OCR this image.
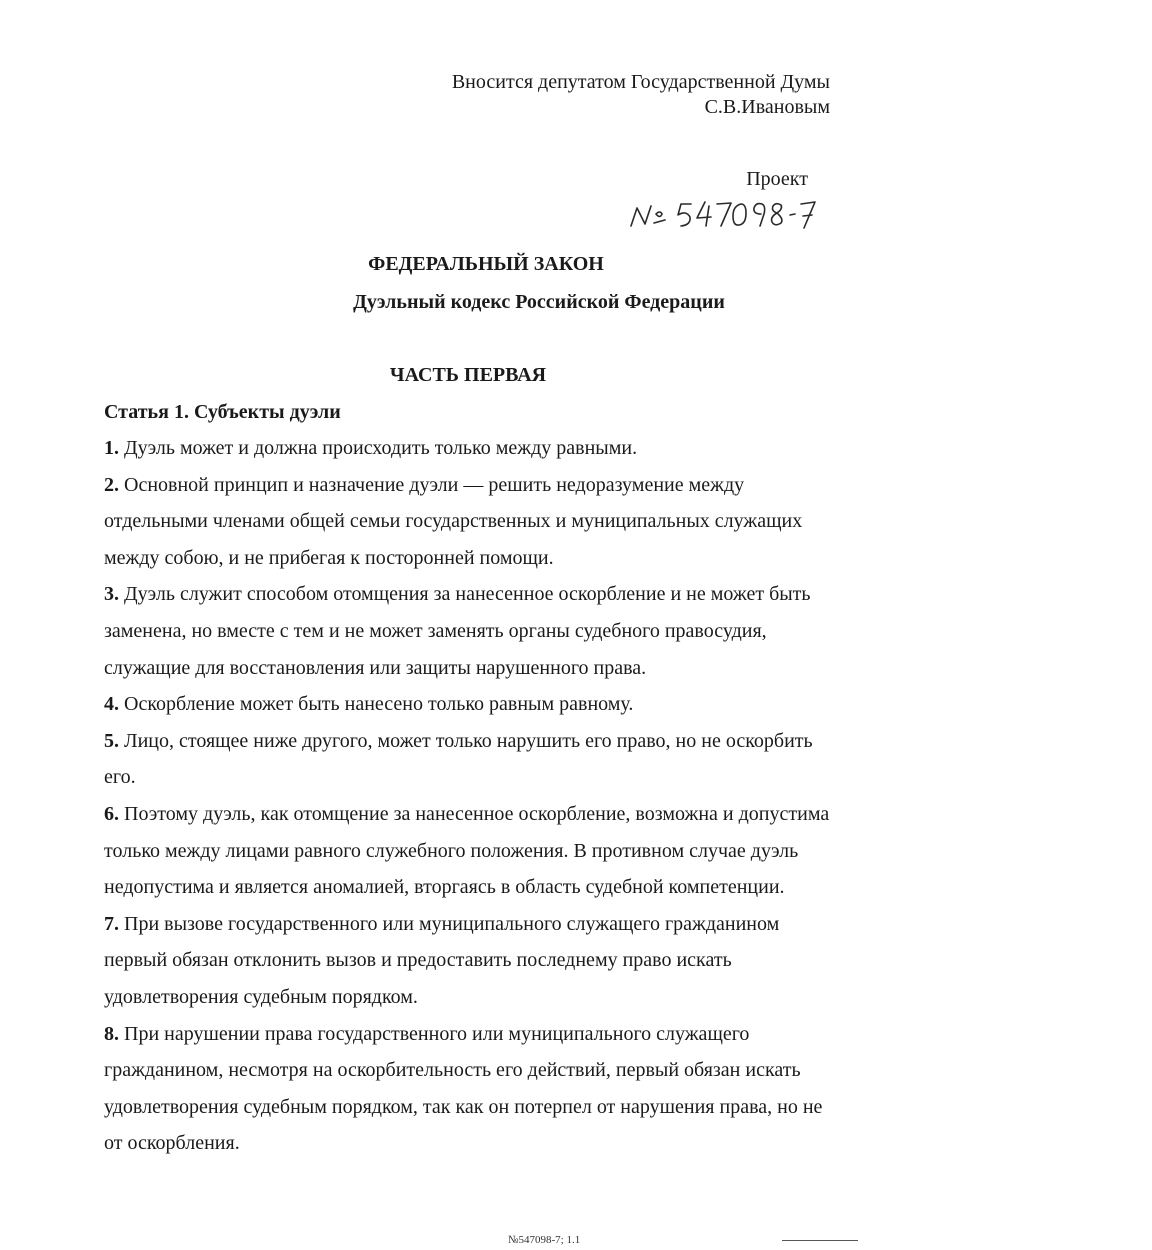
Вносится депутатом Государственной Думы
С.В.Ивановым
Проект
ФЕДЕРАЛЬНЫЙ ЗАКОН
Дуэльный кодекс Российской Федерации
ЧАСТЬ ПЕРВАЯ
Статья 1. Субъекты дуэли

1. Дуэль может и должна происходить только между равными.

2. Основной принцип и назначение дуэли — решить недоразумение между отдельными членами общей семьи государственных и муниципальных служащих между собою, и не прибегая к посторонней помощи.

3. Дуэль служит способом отомщения за нанесенное оскорбление и не может быть заменена, но вместе с тем и не может заменять органы судебного правосудия, служащие для восстановления или защиты нарушенного права.

4. Оскорбление может быть нанесено только равным равному.

5. Лицо, стоящее ниже другого, может только нарушить его право, но не оскорбить его.

6. Поэтому дуэль, как отомщение за нанесенное оскорбление, возможна и допустима только между лицами равного служебного положения. В противном случае дуэль недопустима и является аномалией, вторгаясь в область судебной компетенции.

7. При вызове государственного или муниципального служащего гражданином первый обязан отклонить вызов и предоставить последнему право искать удовлетворения судебным порядком.

8. При нарушении права государственного или муниципального служащего гражданином, несмотря на оскорбительность его действий, первый обязан искать удовлетворения судебным порядком, так как он потерпел от нарушения права, но не от оскорбления.

№547098-7; 1.1
